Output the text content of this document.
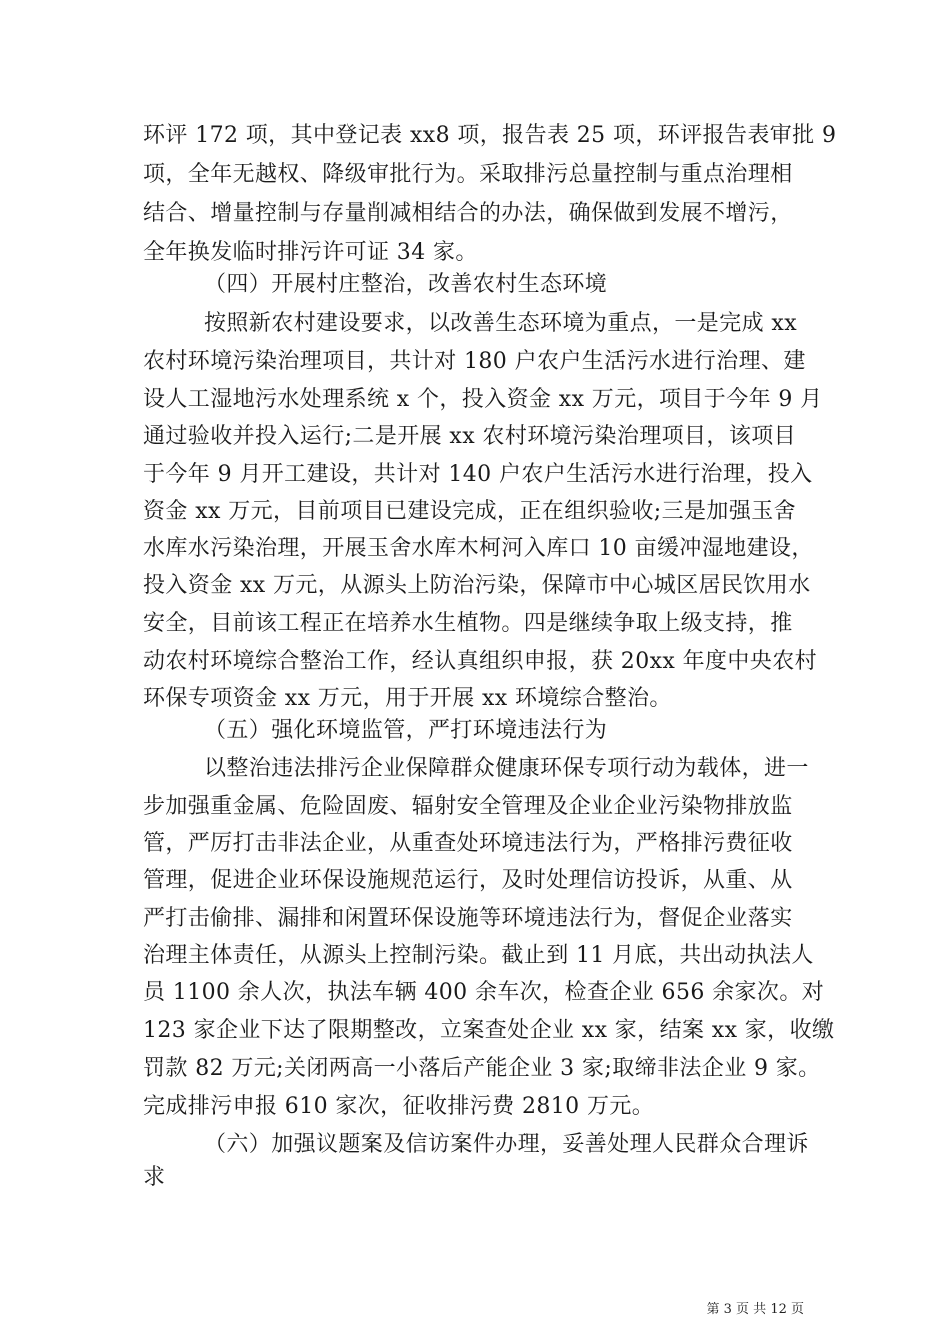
环评 172 项，其中登记表 xx8 项，报告表 25 项，环评报告表审批 9
项，全年无越权、降级审批行为。采取排污总量控制与重点治理相
结合、增量控制与存量削减相结合的办法，确保做到发展不增污，
全年换发临时排污许可证 34 家。
（四）开展村庄整治，改善农村生态环境
按照新农村建设要求，以改善生态环境为重点，一是完成 xx
农村环境污染治理项目，共计对 180 户农户生活污水进行治理、建
设人工湿地污水处理系统 x 个，投入资金 xx 万元，项目于今年 9 月
通过验收并投入运行;二是开展 xx 农村环境污染治理项目，该项目
于今年 9 月开工建设，共计对 140 户农户生活污水进行治理，投入
资金 xx 万元，目前项目已建设完成，正在组织验收;三是加强玉舍
水库水污染治理，开展玉舍水库木柯河入库口 10 亩缓冲湿地建设，
投入资金 xx 万元，从源头上防治污染，保障市中心城区居民饮用水
安全，目前该工程正在培养水生植物。四是继续争取上级支持，推
动农村环境综合整治工作，经认真组织申报，获 20xx 年度中央农村
环保专项资金 xx 万元，用于开展 xx 环境综合整治。
（五）强化环境监管，严打环境违法行为
以整治违法排污企业保障群众健康环保专项行动为载体，进一
步加强重金属、危险固废、辐射安全管理及企业企业污染物排放监
管，严厉打击非法企业，从重查处环境违法行为，严格排污费征收
管理，促进企业环保设施规范运行，及时处理信访投诉，从重、从
严打击偷排、漏排和闲置环保设施等环境违法行为，督促企业落实
治理主体责任，从源头上控制污染。截止到 11 月底，共出动执法人
员 1100 余人次，执法车辆 400 余车次，检查企业 656 余家次。对
123 家企业下达了限期整改，立案查处企业 xx 家，结案 xx 家，收缴
罚款 82 万元;关闭两高一小落后产能企业 3 家;取缔非法企业 9 家。
完成排污申报 610 家次，征收排污费 2810 万元。
（六）加强议题案及信访案件办理，妥善处理人民群众合理诉
求
第 3 页 共 12 页
